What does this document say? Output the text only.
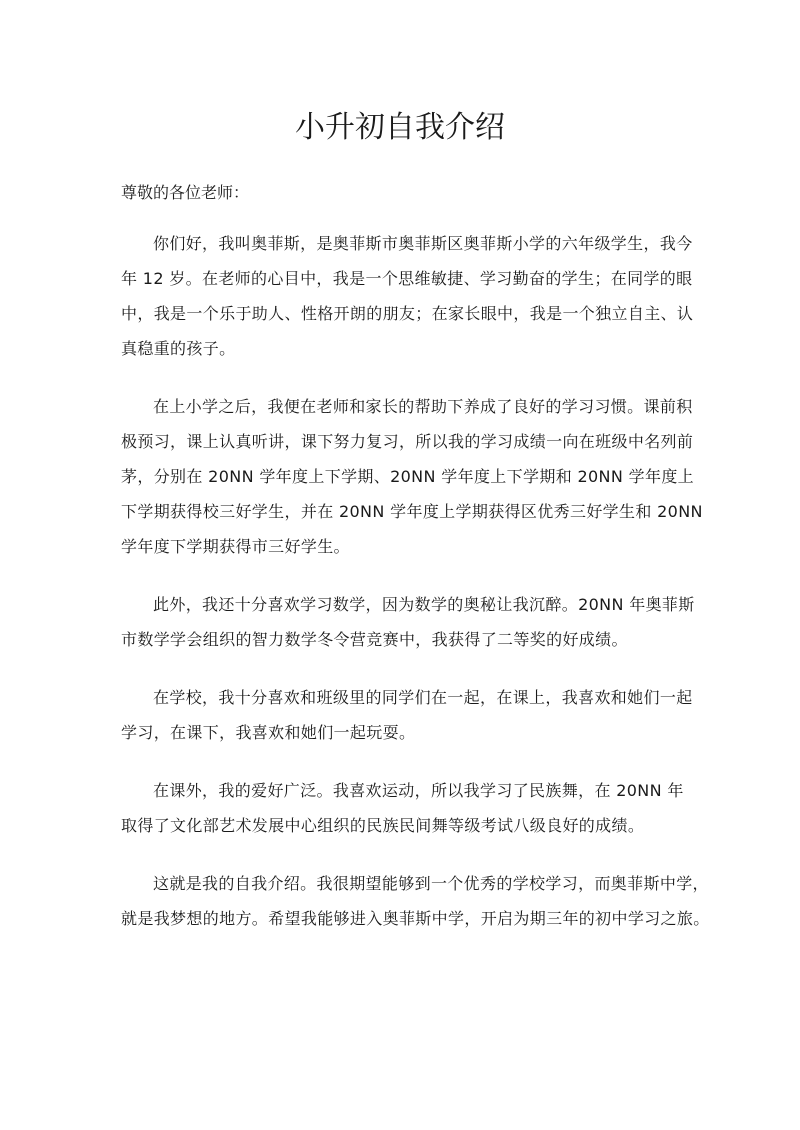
小升初自我介绍

尊敬的各位老师：

你们好，我叫奥菲斯，是奥菲斯市奥菲斯区奥菲斯小学的六年级学生，我今
年 12 岁。在老师的心目中，我是一个思维敏捷、学习勤奋的学生；在同学的眼
中，我是一个乐于助人、性格开朗的朋友；在家长眼中，我是一个独立自主、认
真稳重的孩子。

在上小学之后，我便在老师和家长的帮助下养成了良好的学习习惯。课前积
极预习，课上认真听讲，课下努力复习，所以我的学习成绩一向在班级中名列前
茅，分别在 20NN 学年度上下学期、20NN 学年度上下学期和 20NN 学年度上
下学期获得校三好学生，并在 20NN 学年度上学期获得区优秀三好学生和 20NN
学年度下学期获得市三好学生。

此外，我还十分喜欢学习数学，因为数学的奥秘让我沉醉。20NN 年奥菲斯
市数学学会组织的智力数学冬令营竞赛中，我获得了二等奖的好成绩。

在学校，我十分喜欢和班级里的同学们在一起，在课上，我喜欢和她们一起
学习，在课下，我喜欢和她们一起玩耍。

在课外，我的爱好广泛。我喜欢运动，所以我学习了民族舞，在 20NN 年
取得了文化部艺术发展中心组织的民族民间舞等级考试八级良好的成绩。

这就是我的自我介绍。我很期望能够到一个优秀的学校学习，而奥菲斯中学，
就是我梦想的地方。希望我能够进入奥菲斯中学，开启为期三年的初中学习之旅。
